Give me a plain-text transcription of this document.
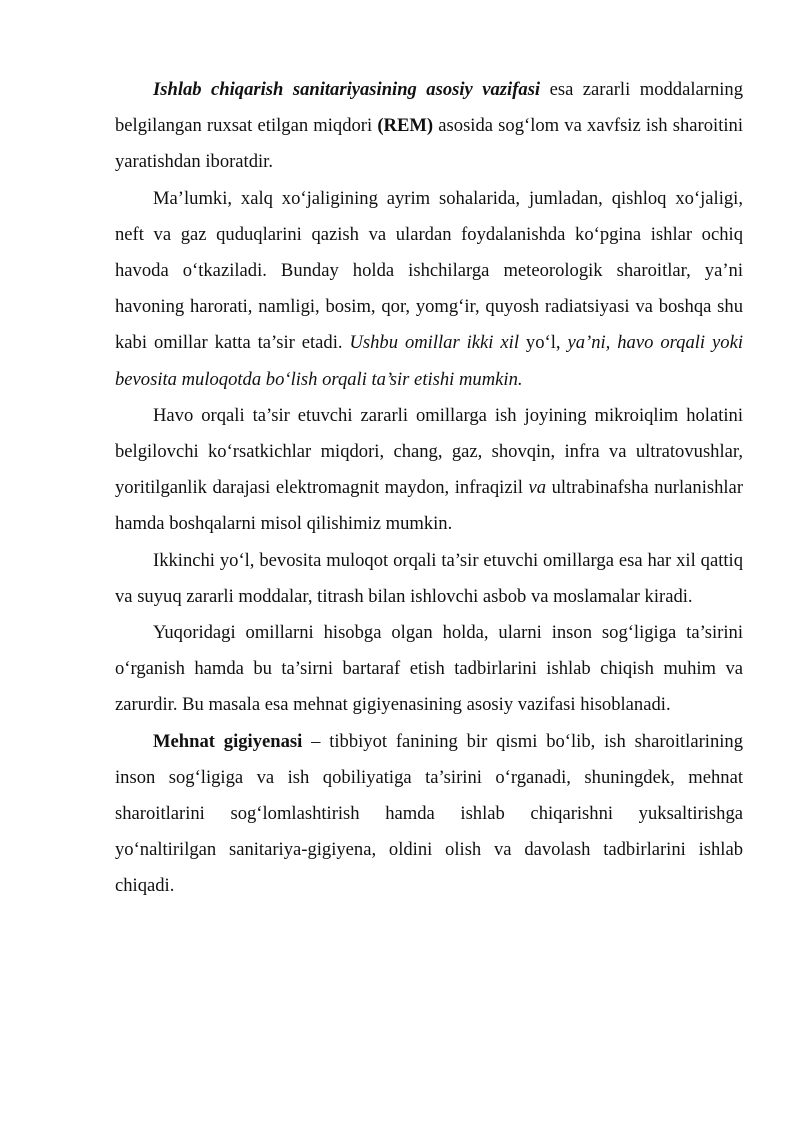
Ishlab chiqarish sanitariyasining asosiy vazifasi esa zararli moddalarning belgilangan ruxsat etilgan miqdori (REM) asosida sog‘lom va xavfsiz ish sharoitini yaratishdan iboratdir.

Ma’lumki, xalq xo‘jaligining ayrim sohalarida, jumladan, qishloq xo‘jaligi, neft va gaz quduqlarini qazish va ulardan foydalanishda ko‘pgina ishlar ochiq havoda o‘tkaziladi. Bunday holda ishchilarga meteorologik sharoitlar, ya’ni havoning harorati, namligi, bosim, qor, yomg‘ir, quyosh radiatsiyasi va boshqa shu kabi omillar katta ta’sir etadi. Ushbu omillar ikki xil yo‘l, ya’ni, havo orqali yoki bevosita muloqotda bo‘lish orqali ta’sir etishi mumkin.

Havo orqali ta’sir etuvchi zararli omillarga ish joyining mikroiqlim holatini belgilovchi ko‘rsatkichlar miqdori, chang, gaz, shovqin, infra va ultratovushlar, yoritilganlik darajasi elektromagnit maydon, infraqizil va ultrabinafsha nurlanishlar hamda boshqalarni misol qilishimiz mumkin.

Ikkinchi yo‘l, bevosita muloqot orqali ta’sir etuvchi omillarga esa har xil qattiq va suyuq zararli moddalar, titrash bilan ishlovchi asbob va moslamalar kiradi.

Yuqoridagi omillarni hisobga olgan holda, ularni inson sog‘ligiga ta’sirini o‘rganish hamda bu ta’sirni bartaraf etish tadbirlarini ishlab chiqish muhim va zarurdir. Bu masala esa mehnat gigiyenasining asosiy vazifasi hisoblanadi.

Mehnat gigiyenasi – tibbiyot fanining bir qismi bo‘lib, ish sharoitlarining inson sog‘ligiga va ish qobiliyatiga ta’sirini o‘rganadi, shuningdek, mehnat sharoitlarini sog‘lomlashtirish hamda ishlab chiqarishni yuksaltirishga yo‘naltirilgan sanitariya-gigiyena, oldini olish va davolash tadbirlarini ishlab chiqadi.
